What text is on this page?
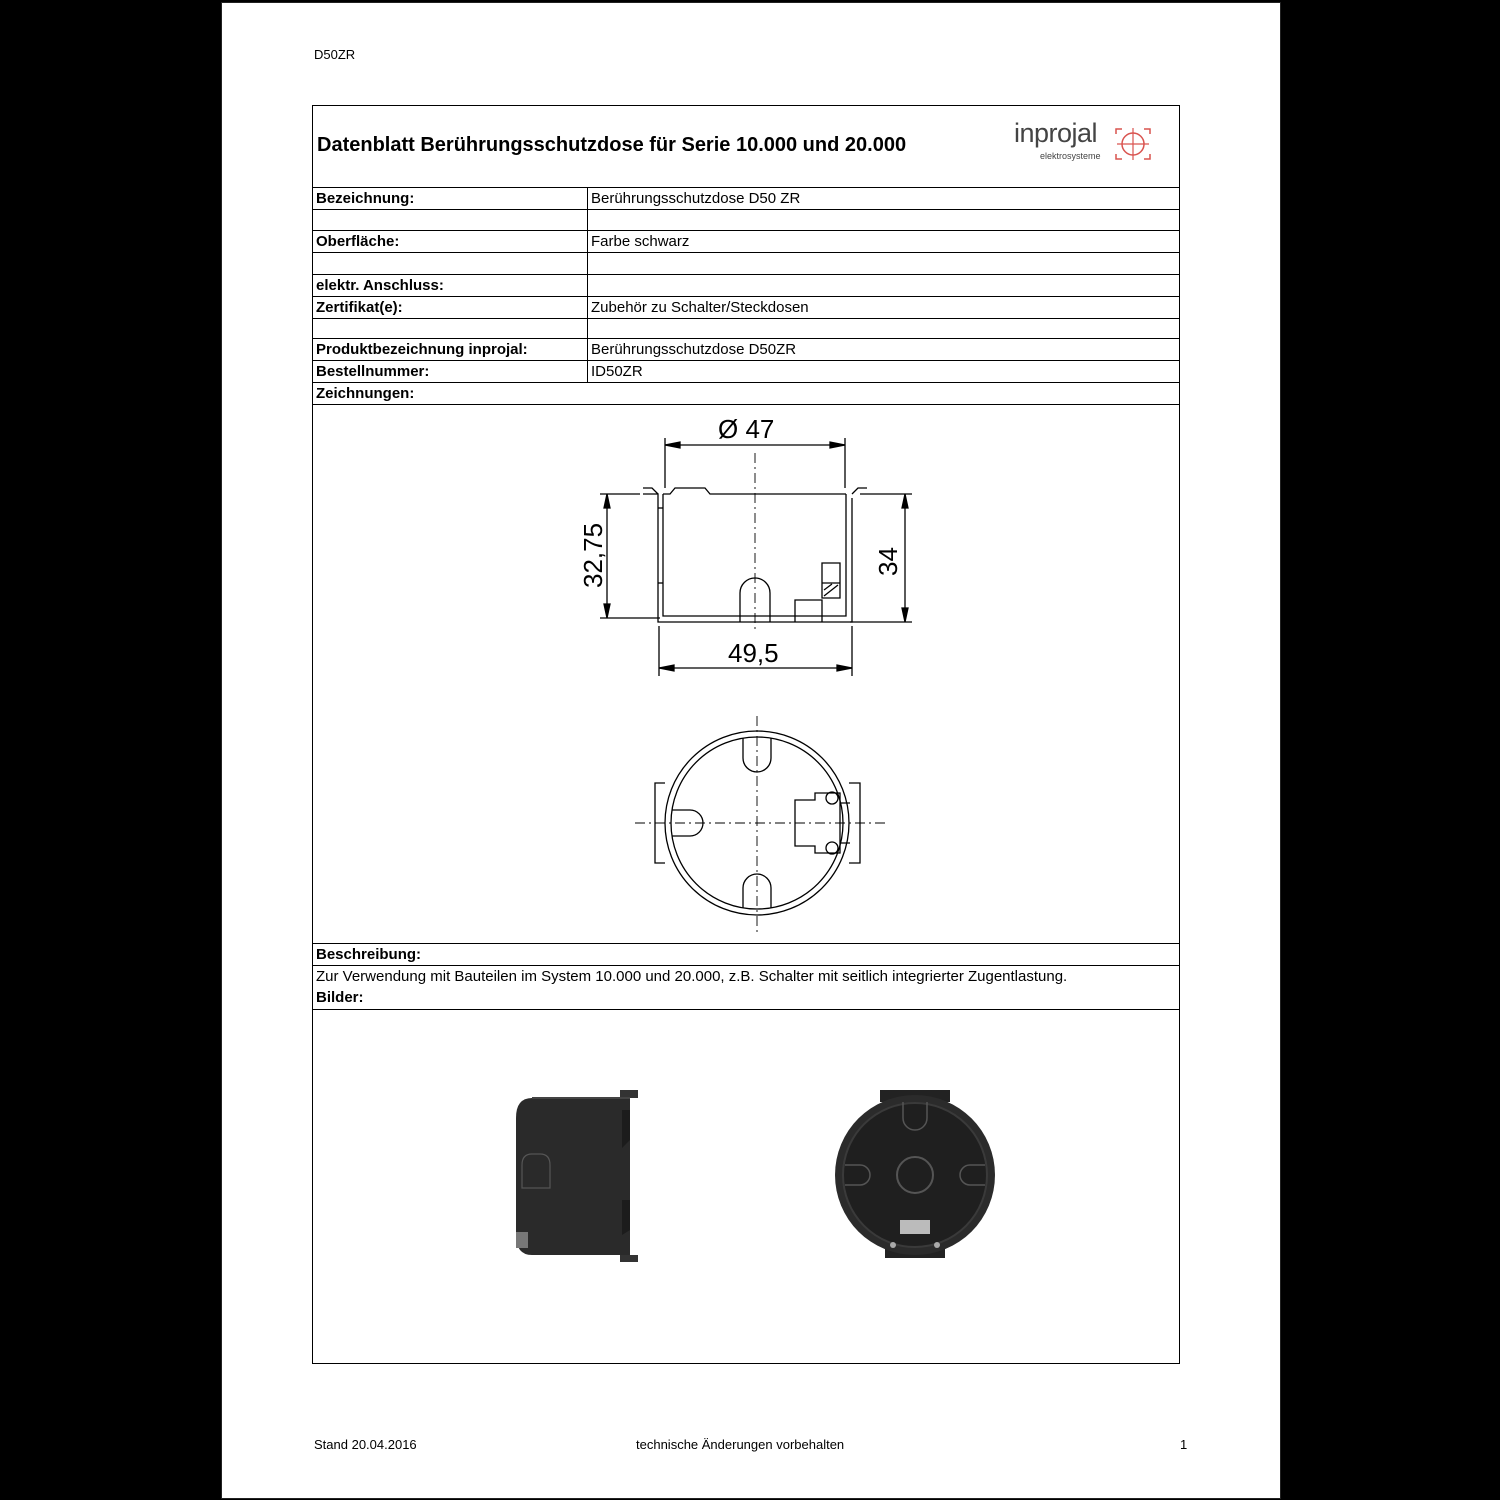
D50ZR
Datenblatt Berührungsschutzdose für Serie 10.000 und 20.000	inprojal
elektrosysteme
Bezeichnung:	Berührungsschutzdose D50 ZR
Oberfläche:	Farbe schwarz
elektr. Anschluss:
Zertifikat(e):	Zubehör zu Schalter/Steckdosen
Produktbezeichnung inprojal:	Berührungsschutzdose D50ZR
Bestellnummer:	ID50ZR
Zeichnungen:
Ø 47
49,5
32,75	34
Beschreibung:
Zur Verwendung mit Bauteilen im System 10.000 und 20.000, z.B. Schalter mit seitlich integrierter Zugentlastung.
Bilder:
Stand 20.04.2016	technische Änderungen vorbehalten	1
